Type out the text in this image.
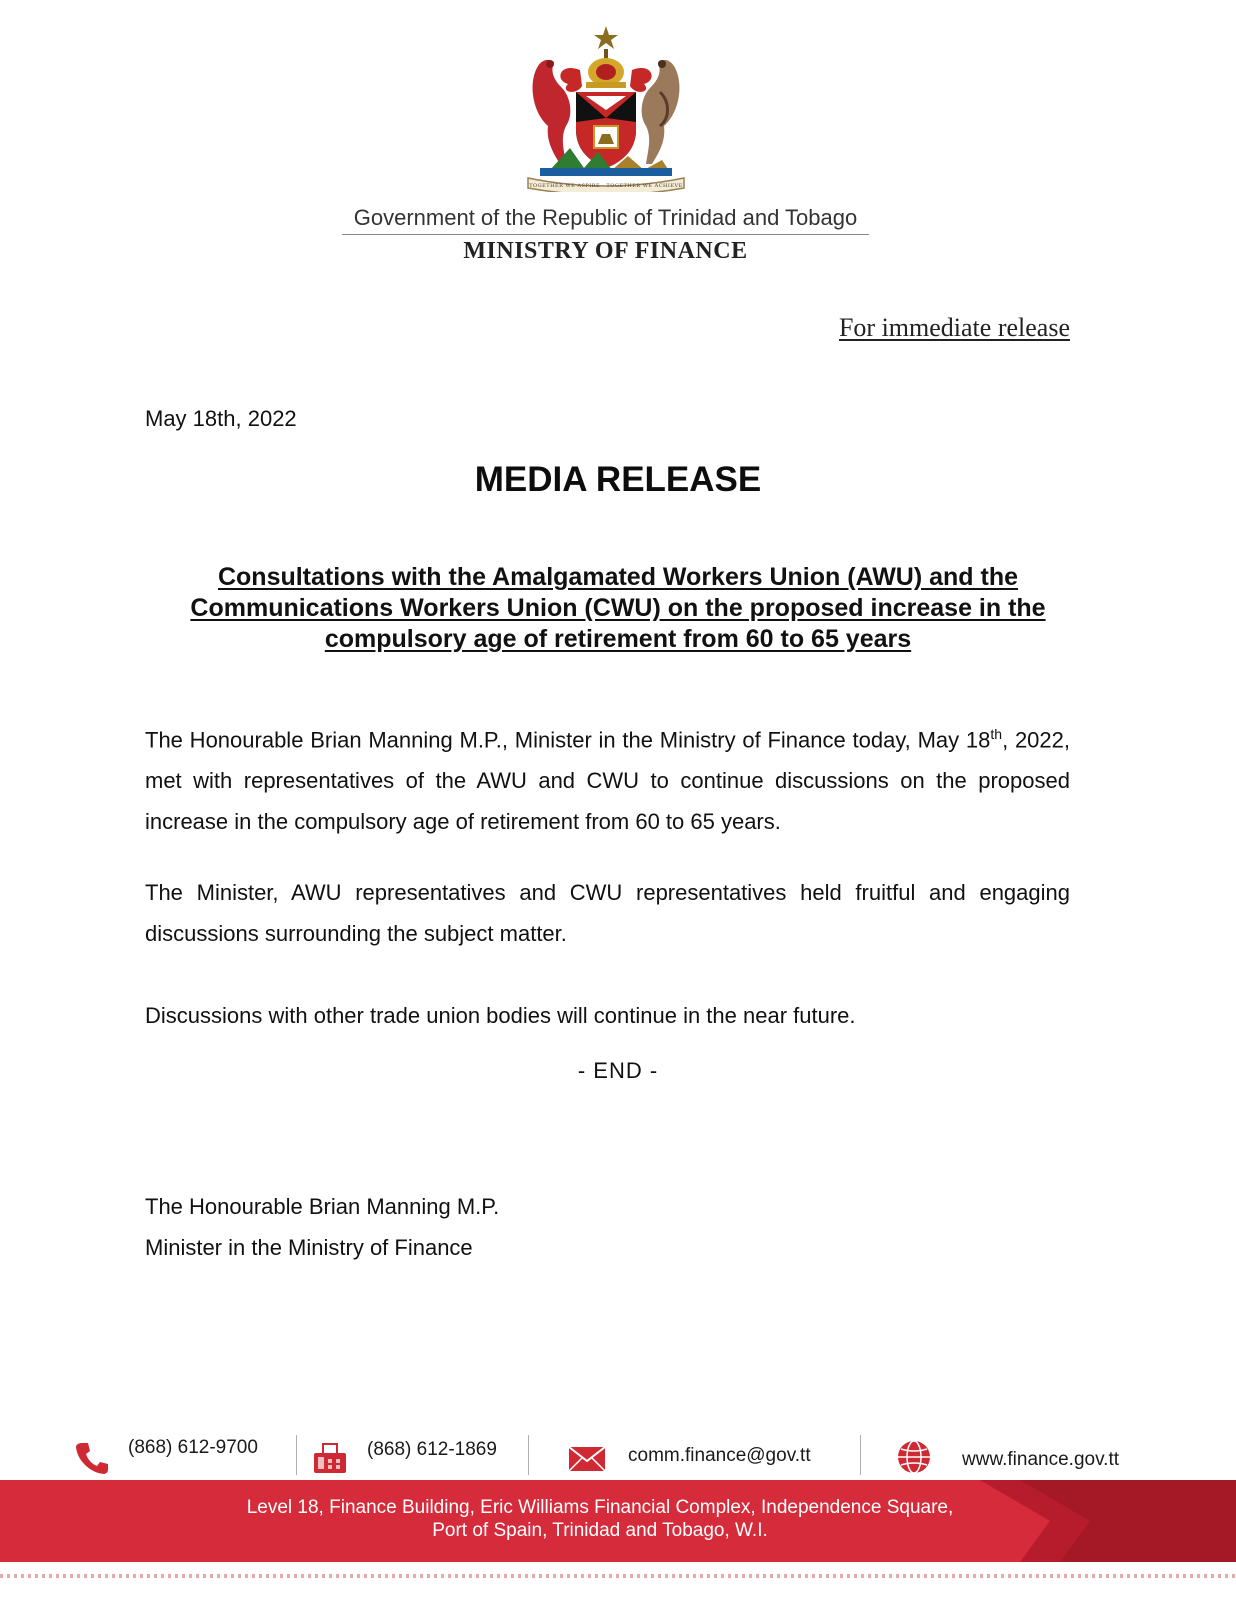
TOGETHER WE ASPIRE · TOGETHER WE ACHIEVE
Government of the Republic of Trinidad and Tobago
MINISTRY OF FINANCE
For immediate release
May 18th, 2022
MEDIA RELEASE
Consultations with the Amalgamated Workers Union (AWU) and the Communications Workers Union (CWU) on the proposed increase in the compulsory age of retirement from 60 to 65 years
The Honourable Brian Manning M.P., Minister in the Ministry of Finance today, May 18th, 2022, met with representatives of the AWU and CWU to continue discussions on the proposed increase in the compulsory age of retirement from 60 to 65 years.
The Minister, AWU representatives and CWU representatives held fruitful and engaging discussions surrounding the subject matter.
Discussions with other trade union bodies will continue in the near future.
- END -
The Honourable Brian Manning M.P.
Minister in the Ministry of Finance
(868) 612-9700	(868) 612-1869	comm.finance@gov.tt	www.finance.gov.tt
Level 18, Finance Building, Eric Williams Financial Complex, Independence Square,
Port of Spain, Trinidad and Tobago, W.I.
